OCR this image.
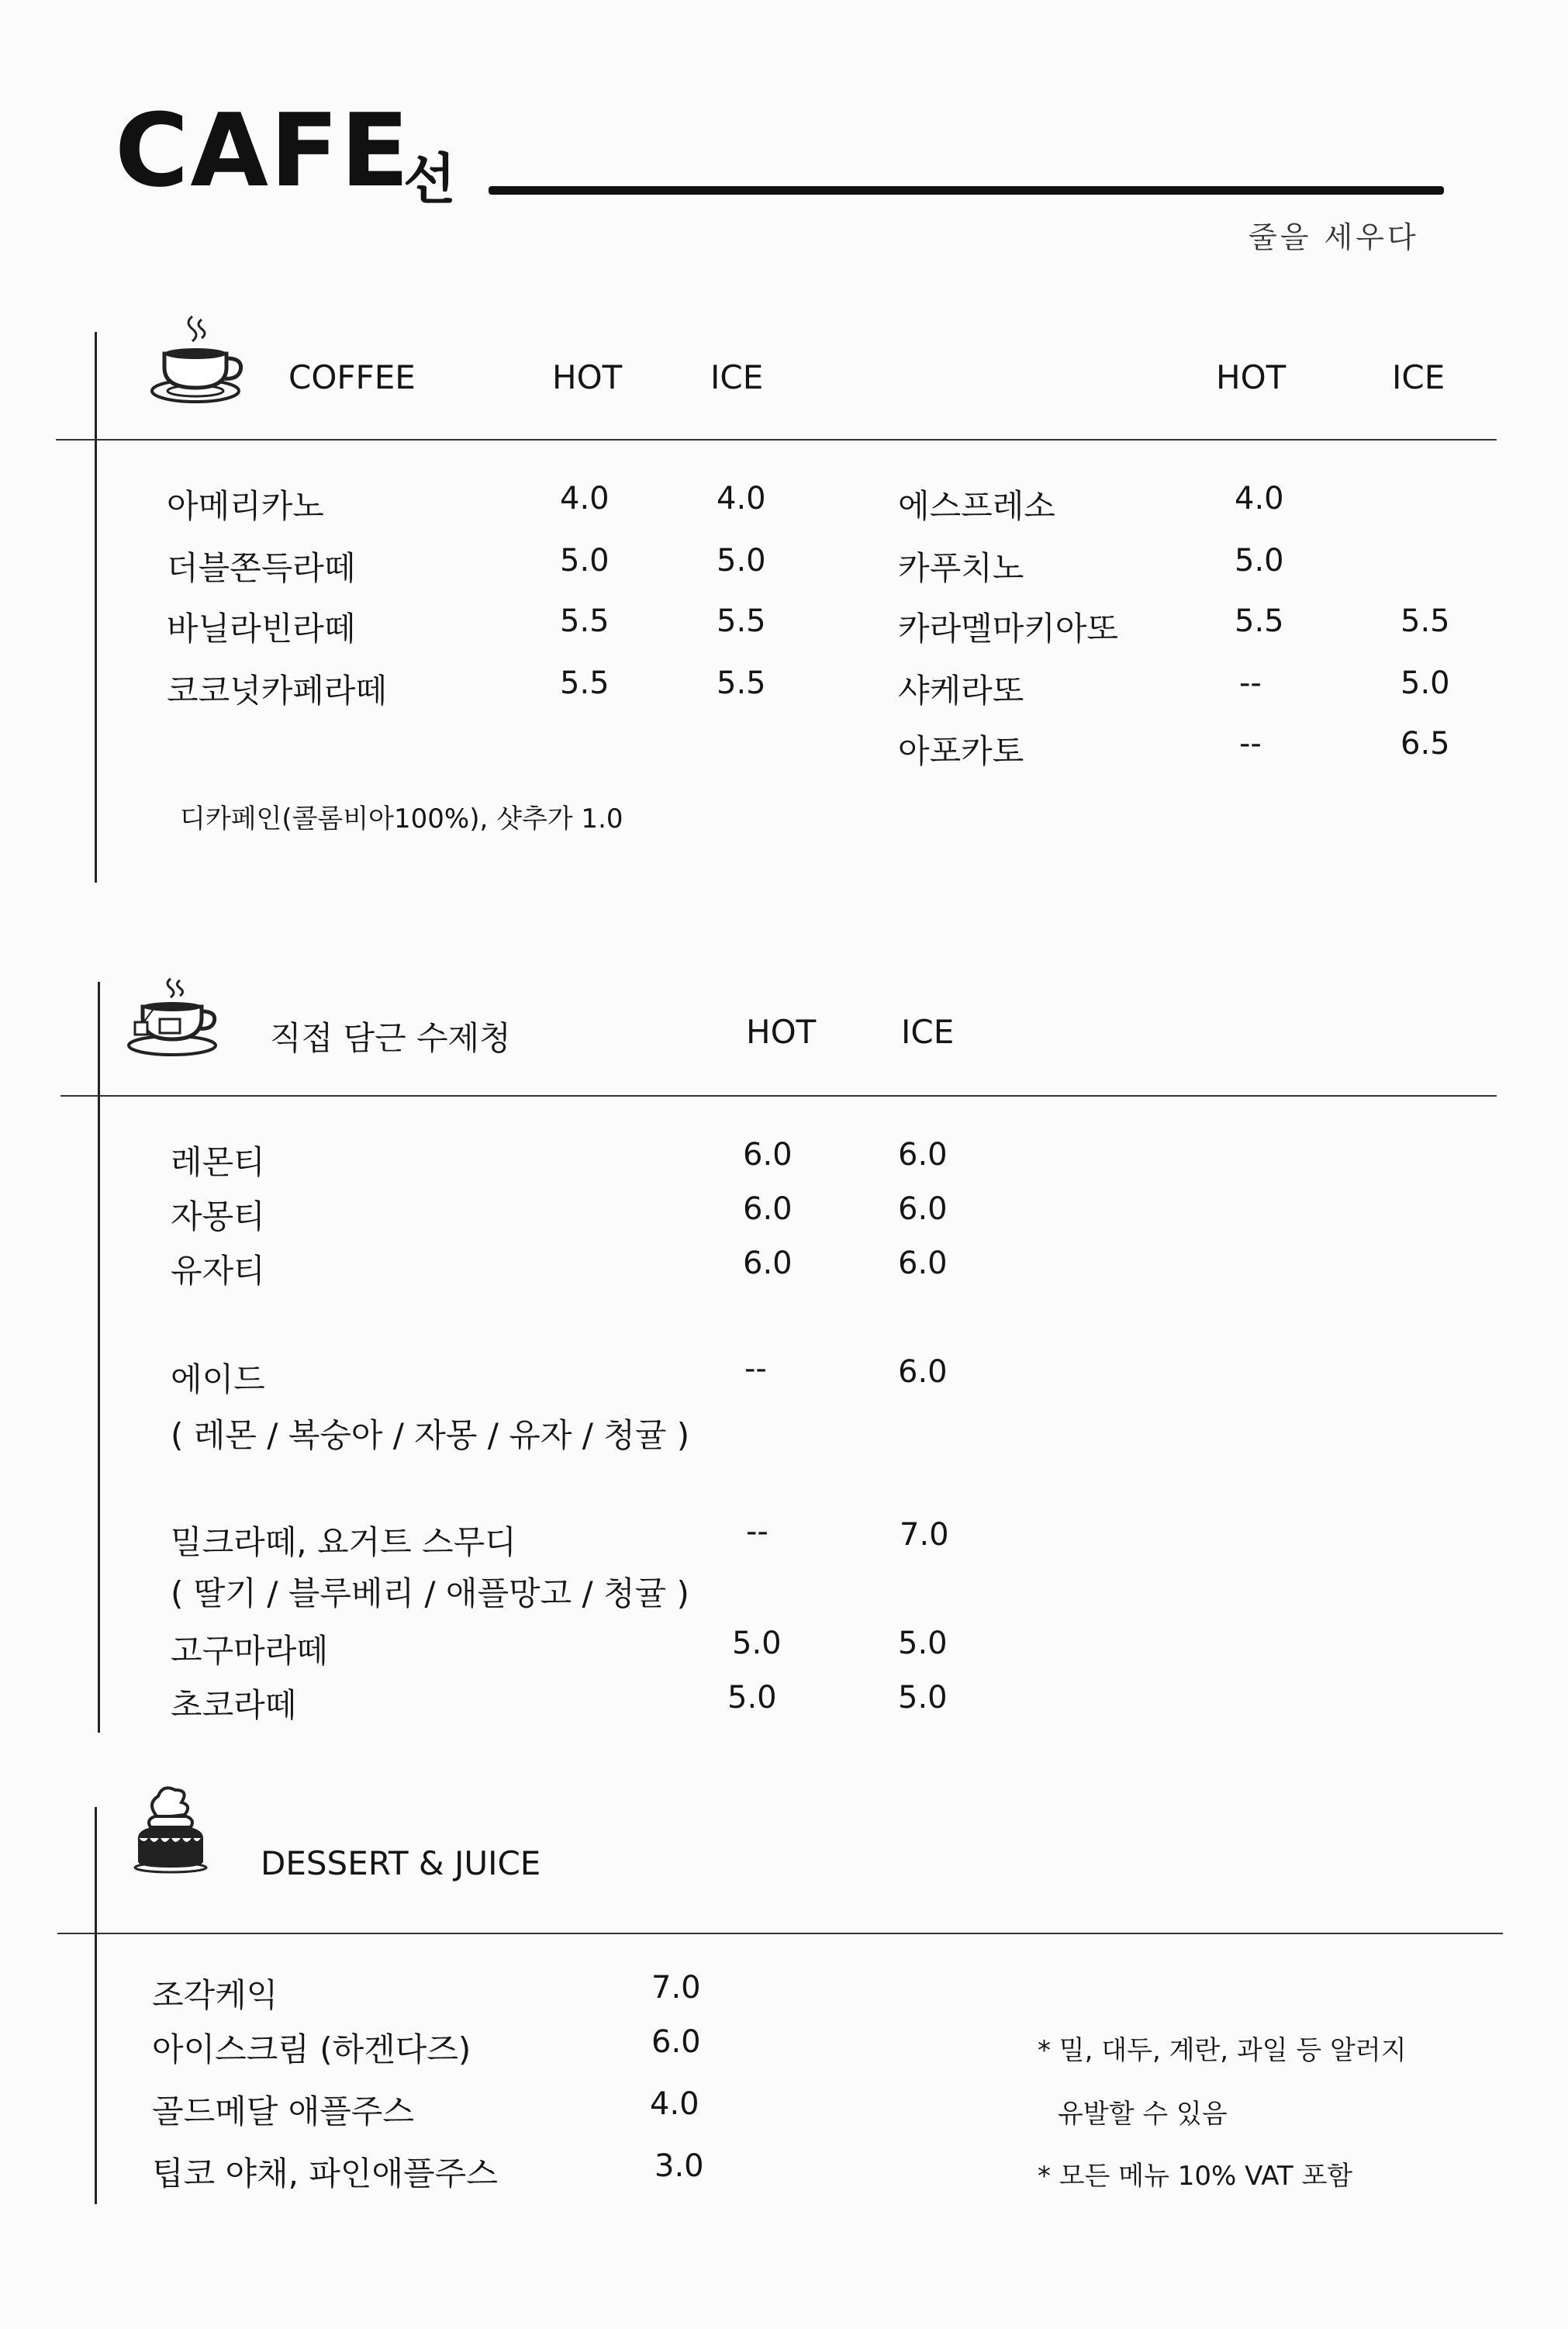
CAFE
선
줄을 세우다
COFFEE	HOT	ICE	HOT	ICE
아메리카노	4.0	4.0
더블쫀득라떼	5.0	5.0
바닐라빈라떼	5.5	5.5
코코넛카페라떼	5.5	5.5
에스프레소	4.0
카푸치노	5.0
카라멜마키아또	5.5	5.5
샤케라또	--	5.0
아포카토	--	6.5
디카페인(콜롬비아100%), 샷추가 1.0
직접 담근 수제청	HOT	ICE
레몬티	6.0	6.0
자몽티	6.0	6.0
유자티	6.0	6.0
에이드	--	6.0
( 레몬 / 복숭아 / 자몽 / 유자 / 청귤 )
밀크라떼, 요거트 스무디	--	7.0
( 딸기 / 블루베리 / 애플망고 / 청귤 )
고구마라떼	5.0	5.0
초코라떼	5.0	5.0
DESSERT & JUICE
조각케익	7.0
아이스크림 (하겐다즈)	6.0
골드메달 애플주스	4.0
팁코 야채, 파인애플주스	3.0
* 밀, 대두, 계란, 과일 등 알러지
유발할 수 있음
* 모든 메뉴 10% VAT 포함
